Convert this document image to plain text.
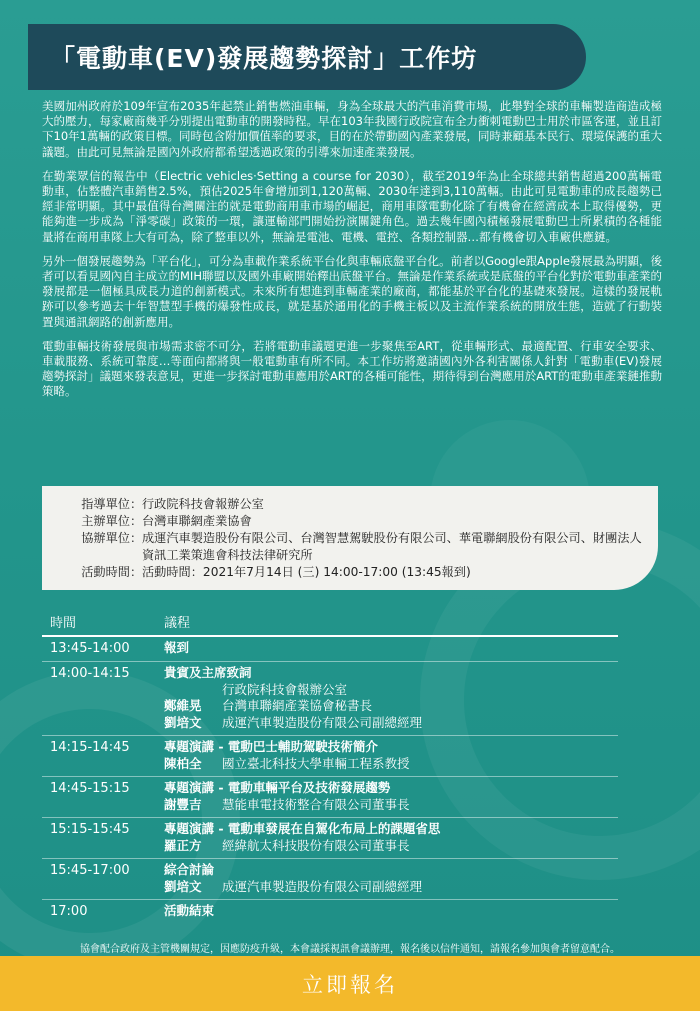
「電動車(EV)發展趨勢探討」工作坊

美國加州政府於109年宣布2035年起禁止銷售燃油車輛，身為全球最大的汽車消費市場，此舉對全球的車輛製造商造成極大的壓力，每家廠商幾乎分別提出電動車的開發時程。早在103年我國行政院宣布全力衝刺電動巴士用於市區客運，並且訂下10年1萬輛的政策目標。同時包含附加價值率的要求，目的在於帶動國內產業發展，同時兼顧基本民行、環境保護的重大議題。由此可見無論是國內外政府都希望透過政策的引導來加速產業發展。

在勤業眾信的報告中（Electric vehicles‧Setting a course for 2030），截至2019年為止全球總共銷售超過200萬輛電動車，佔整體汽車銷售2.5%，預估2025年會增加到1,120萬輛、2030年達到3,110萬輛。由此可見電動車的成長趨勢已經非常明顯。其中最值得台灣關注的就是電動商用車市場的崛起，商用車隊電動化除了有機會在經濟成本上取得優勢，更能夠進一步成為「淨零碳」政策的一環，讓運輸部門開始扮演關鍵角色。過去幾年國內積極發展電動巴士所累積的各種能量將在商用車隊上大有可為，除了整車以外，無論是電池、電機、電控、各類控制器…都有機會切入車廠供應鏈。

另外一個發展趨勢為「平台化」，可分為車載作業系統平台化與車輛底盤平台化。前者以Google跟Apple發展最為明顯，後者可以看見國內自主成立的MIH聯盟以及國外車廠開始釋出底盤平台。無論是作業系統或是底盤的平台化對於電動車產業的發展都是一個極具成長力道的創新模式。未來所有想進到車輛產業的廠商，都能基於平台化的基礎來發展。這樣的發展軌跡可以參考過去十年智慧型手機的爆發性成長，就是基於通用化的手機主板以及主流作業系統的開放生態，造就了行動裝置與通訊網路的創新應用。

電動車輛技術發展與市場需求密不可分，若將電動車議題更進一步聚焦至ART，從車輛形式、最適配置、行車安全要求、車載服務、系統可靠度…等面向都將與一般電動車有所不同。本工作坊將邀請國內外各利害關係人針對「電動車(EV)發展趨勢探討」議題來發表意見，更進一步探討電動車應用於ART的各種可能性，期待得到台灣應用於ART的電動車產業鏈推動策略。

指導單位 ： 行政院科技會報辦公室
主辦單位 ： 台灣車聯網產業協會
協辦單位 ： 成運汽車製造股份有限公司、台灣智慧駕駛股份有限公司、華電聯網股份有限公司、財團法人資訊工業策進會科技法律研究所
活動時間 ： 活動時間：2021年7月14日 (三) 14:00-17:00 (13:45報到)
時間	議程
13:45-14:00	報到
14:00-14:15	貴賓及主席致詞
行政院科技會報辦公室
鄭維晃 台灣車聯網產業協會秘書長
劉培文 成運汽車製造股份有限公司副總經理
14:15-14:45	專題演講 - 電動巴士輔助駕駛技術簡介
陳柏全 國立臺北科技大學車輛工程系教授
14:45-15:15	專題演講 - 電動車輛平台及技術發展趨勢
謝豐吉 慧能車電技術整合有限公司董事長
15:15-15:45	專題演講 - 電動車發展在自駕化布局上的課題省思
羅正方 經緯航太科技股份有限公司董事長
15:45-17:00	綜合討論
劉培文 成運汽車製造股份有限公司副總經理
17:00	活動結束
協會配合政府及主管機關規定，因應防疫升級，本會議採視訊會議辦理，報名後以信件通知，請報名參加與會者留意配合。
立即報名
